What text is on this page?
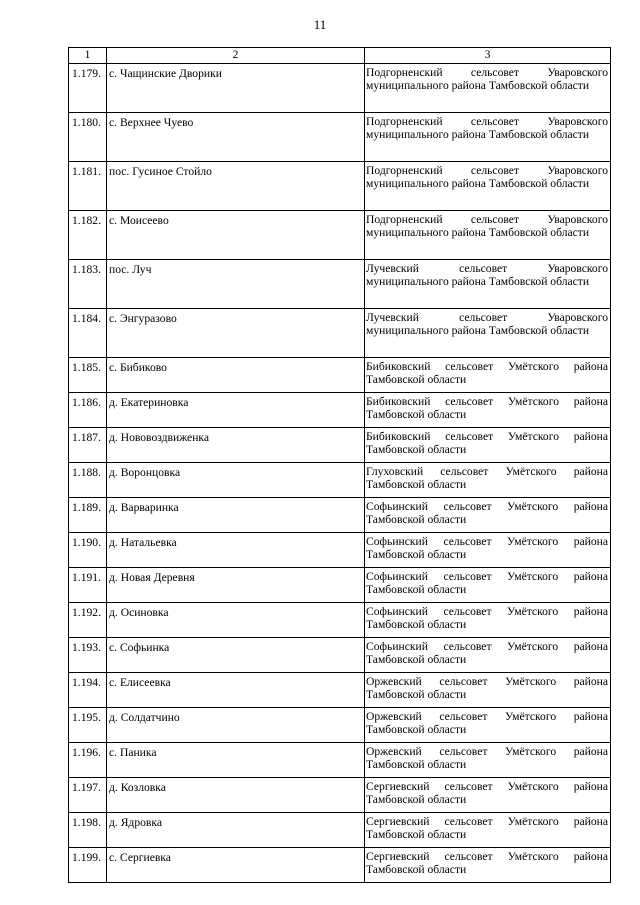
11
1	2	3
1.179.	с. Чащинские Дворики	Подгорненский сельсовет Уваровского муниципального района Тамбовской области
1.180.	с. Верхнее Чуево	Подгорненский сельсовет Уваровского муниципального района Тамбовской области
1.181.	пос. Гусиное Стойло	Подгорненский сельсовет Уваровского муниципального района Тамбовской области
1.182.	с. Моисеево	Подгорненский сельсовет Уваровского муниципального района Тамбовской области
1.183.	пос. Луч	Лучевский сельсовет Уваровского муниципального района Тамбовской области
1.184.	с. Энгуразово	Лучевский сельсовет Уваровского муниципального района Тамбовской области
1.185.	с. Бибиково	Бибиковский сельсовет Умётского района Тамбовской области
1.186.	д. Екатериновка	Бибиковский сельсовет Умётского района Тамбовской области
1.187.	д. Нововоздвиженка	Бибиковский сельсовет Умётского района Тамбовской области
1.188.	д. Воронцовка	Глуховский сельсовет Умётского района Тамбовской области
1.189.	д. Варваринка	Софьинский сельсовет Умётского района Тамбовской области
1.190.	д. Натальевка	Софьинский сельсовет Умётского района Тамбовской области
1.191.	д. Новая Деревня	Софьинский сельсовет Умётского района Тамбовской области
1.192.	д. Осиновка	Софьинский сельсовет Умётского района Тамбовской области
1.193.	с. Софьинка	Софьинский сельсовет Умётского района Тамбовской области
1.194.	с. Елисеевка	Оржевский сельсовет Умётского района Тамбовской области
1.195.	д. Солдатчино	Оржевский сельсовет Умётского района Тамбовской области
1.196.	с. Паника	Оржевский сельсовет Умётского района Тамбовской области
1.197.	д. Козловка	Сергиевский сельсовет Умётского района Тамбовской области
1.198.	д. Ядровка	Сергиевский сельсовет Умётского района Тамбовской области
1.199.	с. Сергиевка	Сергиевский сельсовет Умётского района Тамбовской области
